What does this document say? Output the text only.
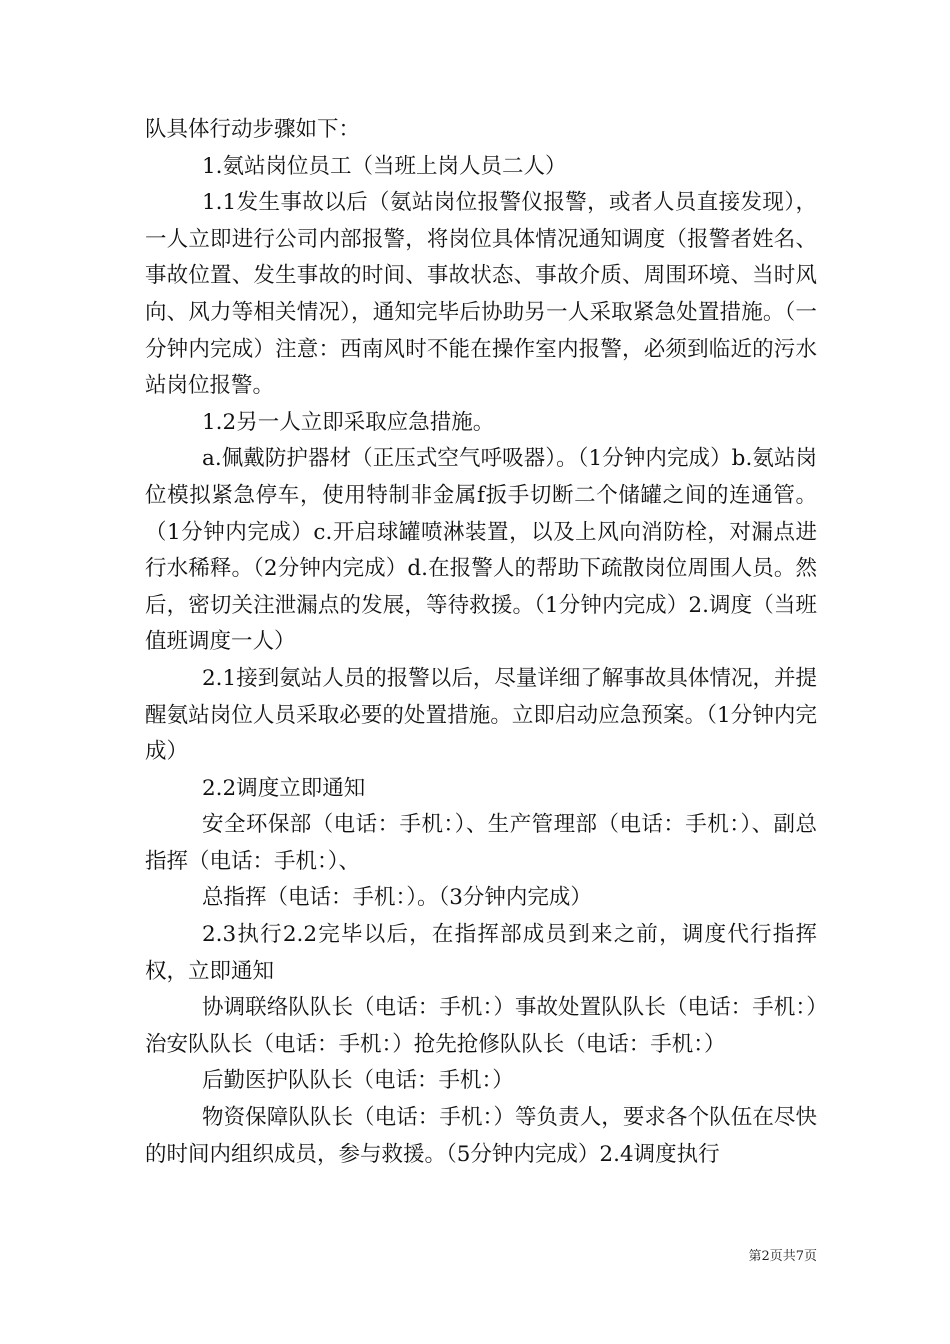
队具体行动步骤如下：

1.氨站岗位员工（当班上岗人员二人）

1.1发生事故以后（氨站岗位报警仪报警，或者人员直接发现），一人立即进行公司内部报警，将岗位具体情况通知调度（报警者姓名、事故位置、发生事故的时间、事故状态、事故介质、周围环境、当时风向、风力等相关情况），通知完毕后协助另一人采取紧急处置措施。（一分钟内完成）注意：西南风时不能在操作室内报警，必须到临近的污水站岗位报警。

1.2另一人立即采取应急措施。

a.佩戴防护器材（正压式空气呼吸器）。（1分钟内完成）b.氨站岗位模拟紧急停车，使用特制非金属f扳手切断二个储罐之间的连通管。（1分钟内完成）c.开启球罐喷淋装置，以及上风向消防栓，对漏点进行水稀释。（2分钟内完成）d.在报警人的帮助下疏散岗位周围人员。然后，密切关注泄漏点的发展，等待救援。（1分钟内完成）2.调度（当班值班调度一人）

2.1接到氨站人员的报警以后，尽量详细了解事故具体情况，并提醒氨站岗位人员采取必要的处置措施。立即启动应急预案。（1分钟内完成）

2.2调度立即通知

安全环保部（电话：手机：）、生产管理部（电话：手机：）、副总指挥（电话：手机：）、

总指挥（电话：手机：）。（3分钟内完成）

2.3执行2.2完毕以后，在指挥部成员到来之前，调度代行指挥权，立即通知

协调联络队队长（电话：手机：）事故处置队队长（电话：手机：）治安队队长（电话：手机：）抢先抢修队队长（电话：手机：）

后勤医护队队长（电话：手机：）

物资保障队队长（电话：手机：）等负责人，要求各个队伍在尽快的时间内组织成员，参与救援。（5分钟内完成）2.4调度执行

第2页共7页
